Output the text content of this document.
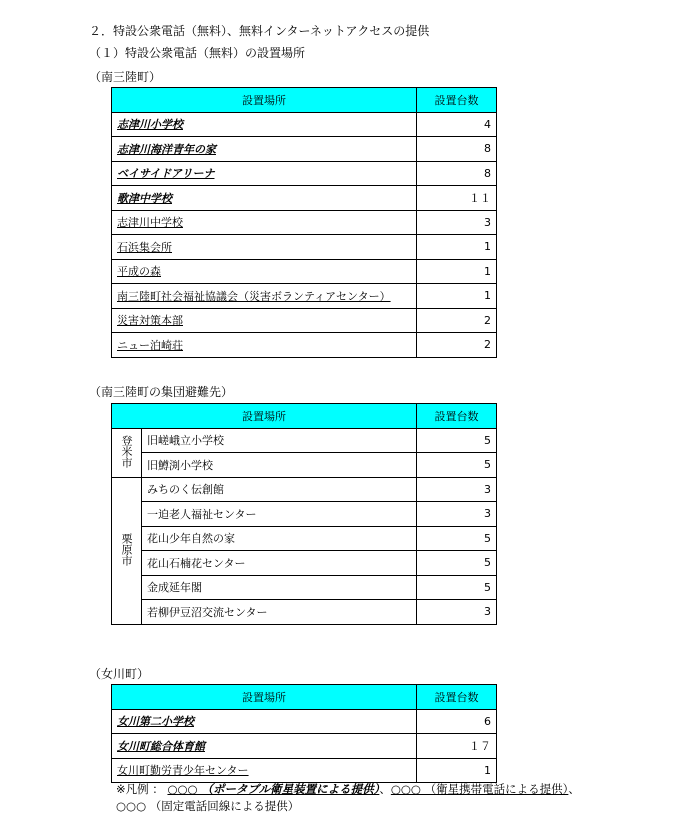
２．特設公衆電話（無料）、無料インターネットアクセスの提供
（１）特設公衆電話（無料）の設置場所
（南三陸町）
設置場所	設置台数
志津川小学校	4
志津川海洋青年の家	8
ベイサイドアリーナ	8
歌津中学校	１１
志津川中学校	3
石浜集会所	1
平成の森	1
南三陸町社会福祉協議会（災害ボランティアセンター）	1
災害対策本部	2
ニュー泊崎荘	2
（南三陸町の集団避難先）
設置場所		設置台数
登米市	旧嵯峨立小学校	5
	旧鱒渕小学校	5
栗原市	みちのく伝創館	3
	一迫老人福祉センター	3
	花山少年自然の家	5
	花山石楠花センター	5
	金成延年閣	5
	若柳伊豆沼交流センター	3
（女川町）
設置場所	設置台数
女川第二小学校	6
女川町総合体育館	１７
女川町勤労青少年センター	1
※凡例 ： ○○○ （ポータブル衛星装置による提供）、○○○ （衛星携帯電話による提供）、○○○ （固定電話回線による提供）
